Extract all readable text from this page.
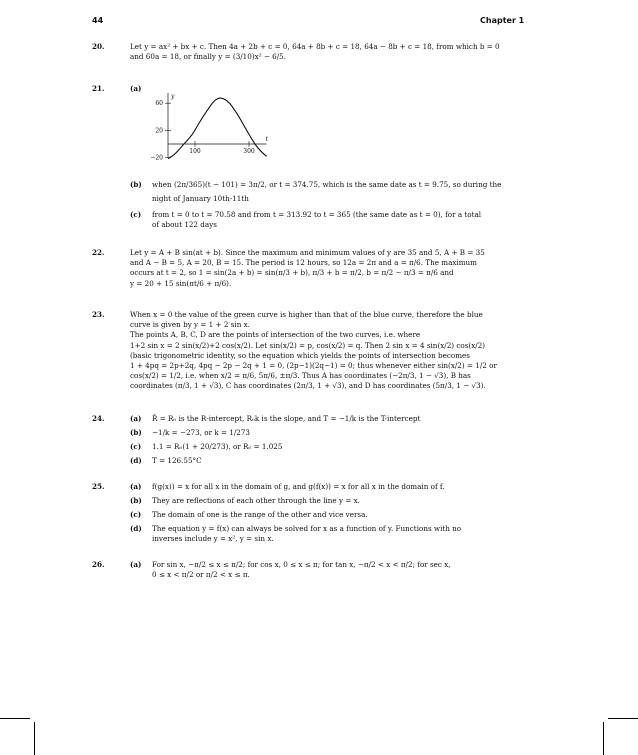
44	Chapter 1
20.	Let y = ax² + bx + c. Then 4a + 2b + c = 0, 64a + 8b + c = 18, 64a − 8b + c = 18, from which b = 0

and 60a = 18, or finally y = (3/10)x² − 6/5.

21.	(a)
y
t
60
20
−20
100	300
(b) when (2π/365)(t − 101) = 3π/2, or t = 374.75, which is the same date as t = 9.75, so during the

night of January 10th-11th

(c) from t = 0 to t = 70.58 and from t = 313.92 to t = 365 (the same date as t = 0), for a total

of about 122 days

22.	Let y = A + B sin(at + b). Since the maximum and minimum values of y are 35 and 5, A + B = 35

and A − B = 5, A = 20, B = 15. The period is 12 hours, so 12a = 2π and a = π/6. The maximum

occurs at t = 2, so 1 = sin(2a + b) = sin(π/3 + b), π/3 + b = π/2, b = π/2 − π/3 = π/6 and

y = 20 + 15 sin(πt/6 + π/6).

23.	When x = 0 the value of the green curve is higher than that of the blue curve, therefore the blue

curve is given by y = 1 + 2 sin x.

The points A, B, C, D are the points of intersection of the two curves, i.e. where

1+2 sin x = 2 sin(x/2)+2 cos(x/2). Let sin(x/2) = p, cos(x/2) = q. Then 2 sin x = 4 sin(x/2) cos(x/2)

(basic trigonometric identity, so the equation which yields the points of intersection becomes

1 + 4pq = 2p+2q, 4pq − 2p − 2q + 1 = 0, (2p−1)(2q−1) = 0; thus whenever either sin(x/2) = 1/2 or

cos(x/2) = 1/2, i.e. when x/2 = π/6, 5π/6, ±π/3. Thus A has coordinates (−2π/3, 1 − √3), B has

coordinates (π/3, 1 + √3), C has coordinates (2π/3, 1 + √3), and D has coordinates (5π/3, 1 − √3).

24.	(a) R̂ = R₀ is the R-intercept, R₀k is the slope, and T = −1/k is the T-intercept
(b) −1/k = −273, or k = 1/273
(c) 1.1 = R₀(1 + 20/273), or R₀ = 1.025
(d) T = 126.55°C
25.	(a) f(g(x)) = x for all x in the domain of g, and g(f(x)) = x for all x in the domain of f.
(b) They are reflections of each other through the line y = x.
(c) The domain of one is the range of the other and vice versa.
(d) The equation y = f(x) can always be solved for x as a function of y. Functions with no

inverses include y = x², y = sin x.

26.	(a) For sin x, −π/2 ≤ x ≤ π/2; for cos x, 0 ≤ x ≤ π; for tan x, −π/2 < x < π/2; for sec x,

0 ≤ x < π/2 or π/2 < x ≤ π.
